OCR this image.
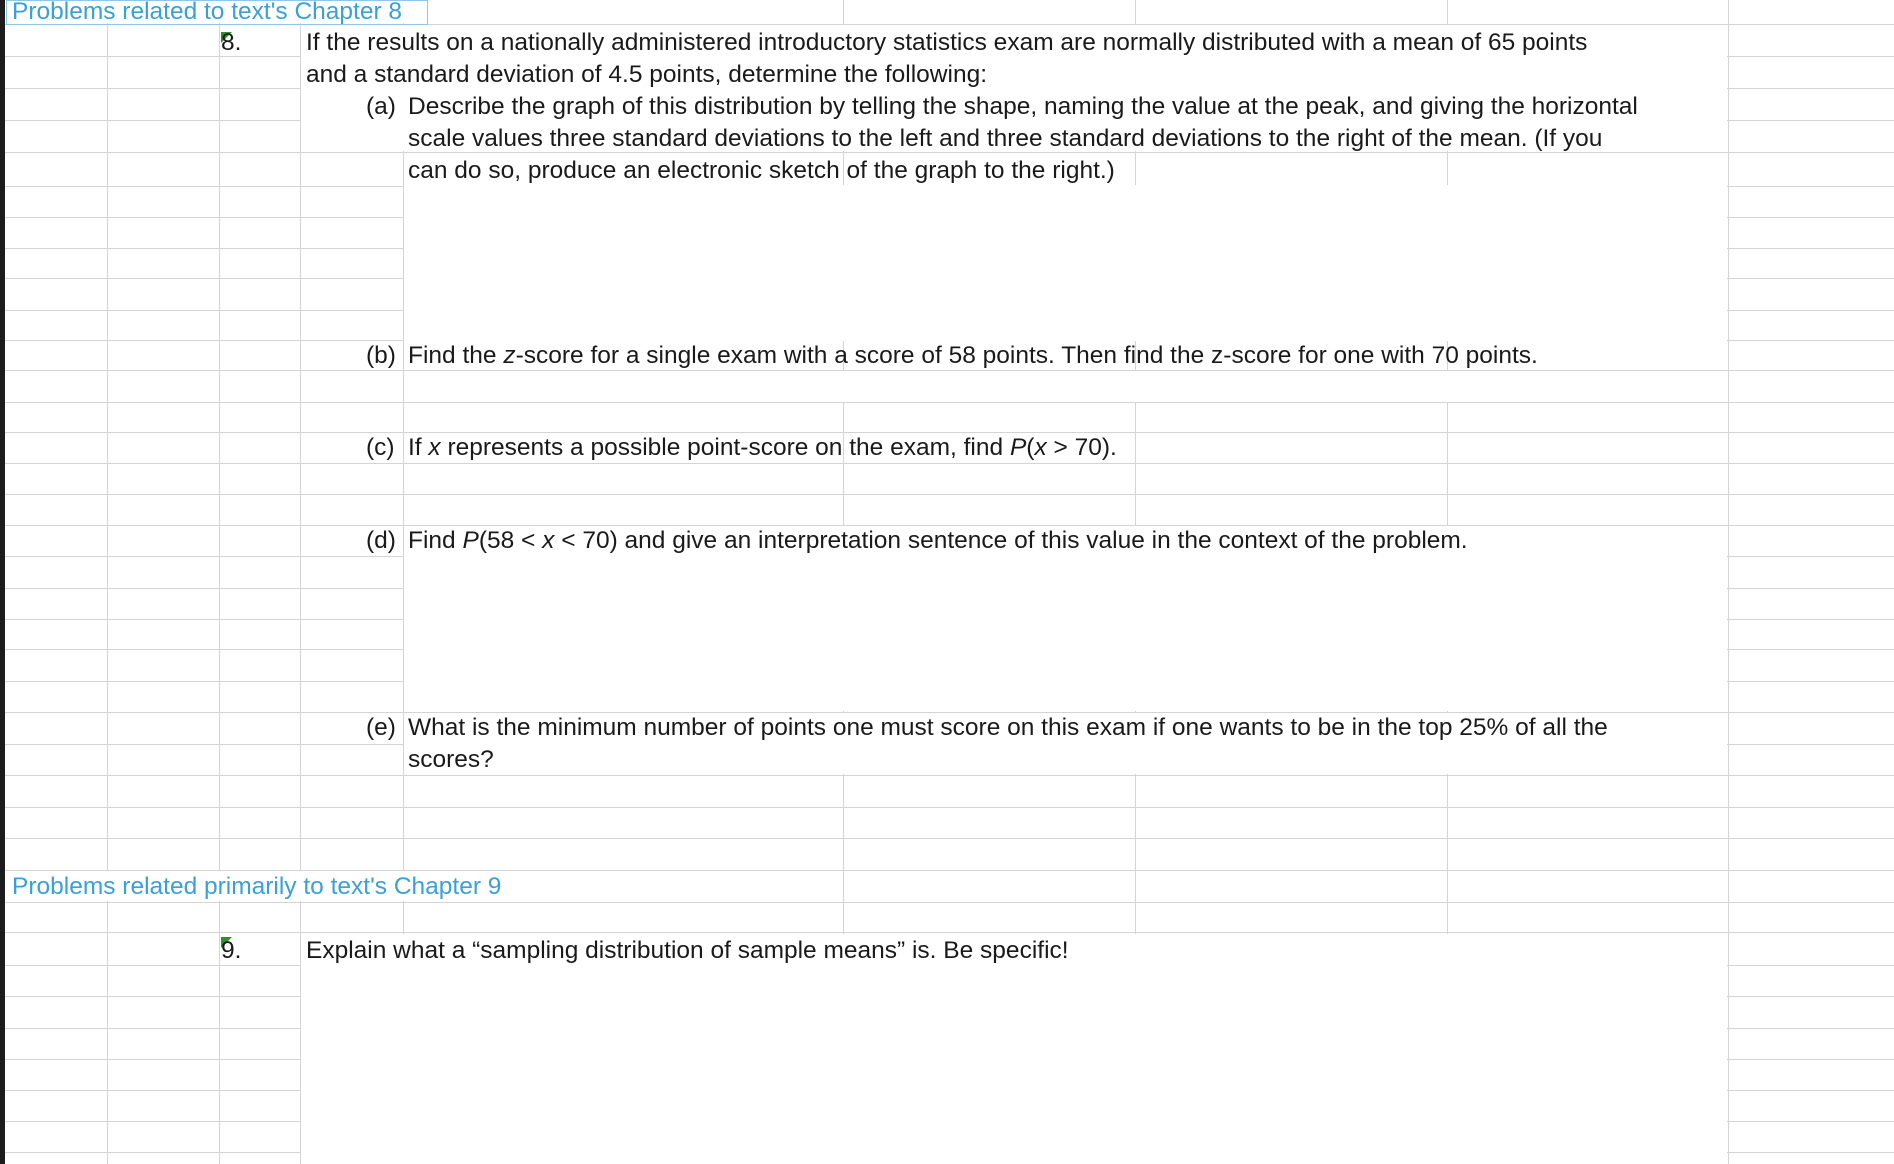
Problems related to text's Chapter 8
8.	If the results on a nationally administered introductory statistics exam are normally distributed with a mean of 65 points
and a standard deviation of 4.5 points, determine the following:
(a) Describe the graph of this distribution by telling the shape, naming the value at the peak, and giving the horizontal
scale values three standard deviations to the left and three standard deviations to the right of the mean. (If you
can do so, produce an electronic sketch of the graph to the right.)
(b) Find the z-score for a single exam with a score of 58 points. Then find the z-score for one with 70 points.
(c) If x represents a possible point-score on the exam, find P(x > 70).
(d) Find P(58 < x < 70) and give an interpretation sentence of this value in the context of the problem.
(e) What is the minimum number of points one must score on this exam if one wants to be in the top 25% of all the
scores?
Problems related primarily to text's Chapter 9
9.	Explain what a “sampling distribution of sample means” is. Be specific!
